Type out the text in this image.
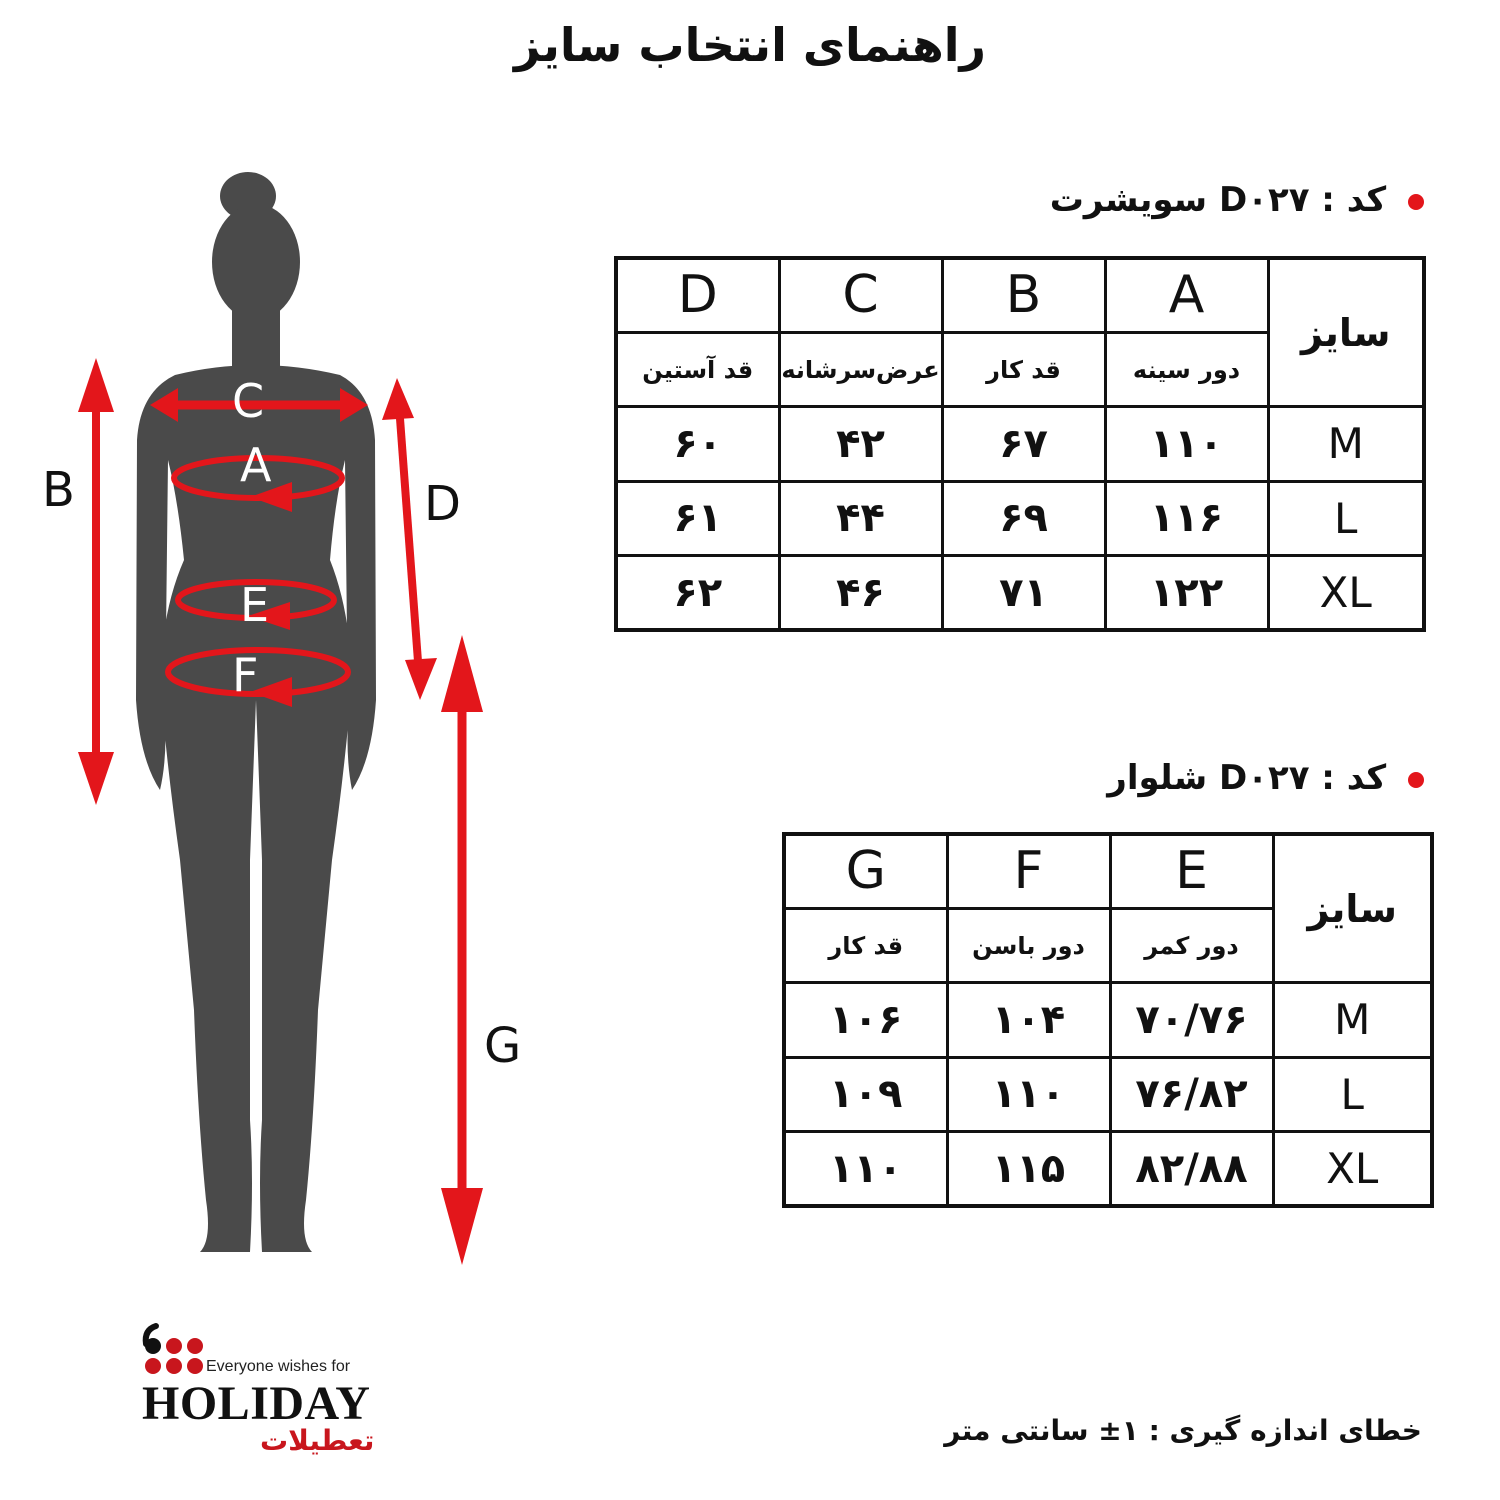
راهنمای انتخاب سایز
C
A
E
F
B	D
G
کد : D۰۲۷ سویشرت
D	C	B	A	سایز
قد آستین	عرض‌سرشانه	قد کار	دور سینه	
۶۰	۴۲	۶۷	۱۱۰	M
۶۱	۴۴	۶۹	۱۱۶	L
۶۲	۴۶	۷۱	۱۲۲	XL
کد : D۰۲۷ شلوار
G	F	E	سایز
قد کار	دور باسن	دور کمر	
۱۰۶	۱۰۴	۷۰/۷۶	M
۱۰۹	۱۱۰	۷۶/۸۲	L
۱۱۰	۱۱۵	۸۲/۸۸	XL
خطای اندازه گیری : ۱± سانتی متر
Everyone wishes for
HOLIDAY
تعطیلات
